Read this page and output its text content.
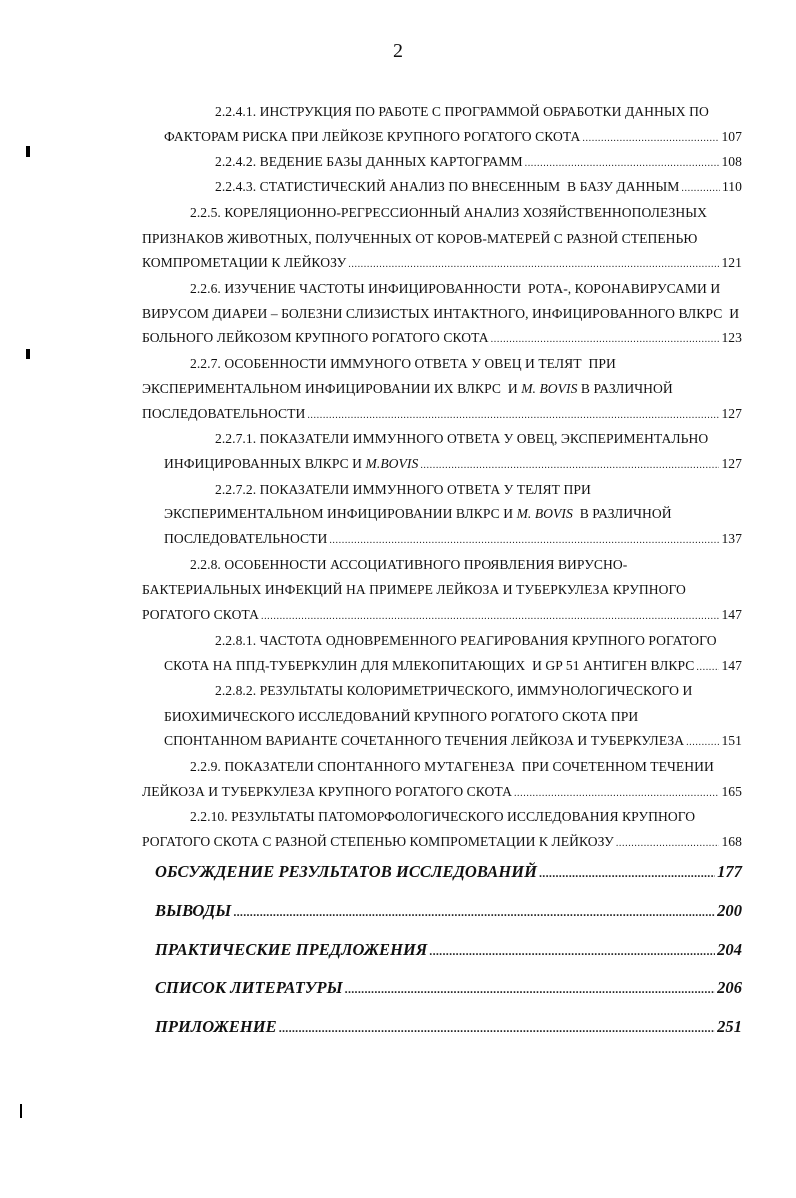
2
2.2.4.1. ИНСТРУКЦИЯ ПО РАБОТЕ С ПРОГРАММОЙ ОБРАБОТКИ ДАННЫХ ПО
ФАКТОРАМ РИСКА ПРИ ЛЕЙКОЗЕ КРУПНОГО РОГАТОГО СКОТА .....	107
2.2.4.2. ВЕДЕНИЕ БАЗЫ ДАННЫХ КАРТОГРАММ .....	108
2.2.4.3. СТАТИСТИЧЕСКИЙ АНАЛИЗ ПО ВНЕСЕННЫМ  В БАЗУ ДАННЫМ .....	110
2.2.5. КОРЕЛЯЦИОННО-РЕГРЕССИОННЫЙ АНАЛИЗ ХОЗЯЙСТВЕННОПОЛЕЗНЫХ
ПРИЗНАКОВ ЖИВОТНЫХ, ПОЛУЧЕННЫХ ОТ КОРОВ-МАТЕРЕЙ С РАЗНОЙ СТЕПЕНЬЮ
КОМПРОМЕТАЦИИ К ЛЕЙКОЗУ .....	121
2.2.6. ИЗУЧЕНИЕ ЧАСТОТЫ ИНФИЦИРОВАННОСТИ  РОТА-, КОРОНАВИРУСАМИ И
ВИРУСОМ ДИАРЕИ – БОЛЕЗНИ СЛИЗИСТЫХ ИНТАКТНОГО, ИНФИЦИРОВАННОГО ВЛКРС  И
БОЛЬНОГО ЛЕЙКОЗОМ КРУПНОГО РОГАТОГО СКОТА .....	123
2.2.7. ОСОБЕННОСТИ ИММУНОГО ОТВЕТА У ОВЕЦ И ТЕЛЯТ  ПРИ
ЭКСПЕРИМЕНТАЛЬНОМ ИНФИЦИРОВАНИИ ИХ ВЛКРС  И M. BOVIS В РАЗЛИЧНОЙ
ПОСЛЕДОВАТЕЛЬНОСТИ .....	127
2.2.7.1. ПОКАЗАТЕЛИ ИММУННОГО ОТВЕТА У ОВЕЦ, ЭКСПЕРИМЕНТАЛЬНО
ИНФИЦИРОВАННЫХ ВЛКРС И M.BOVIS .....	127
2.2.7.2. ПОКАЗАТЕЛИ ИММУННОГО ОТВЕТА У ТЕЛЯТ ПРИ
ЭКСПЕРИМЕНТАЛЬНОМ ИНФИЦИРОВАНИИ ВЛКРС И M. BOVIS В РАЗЛИЧНОЙ
ПОСЛЕДОВАТЕЛЬНОСТИ .....	137
2.2.8. ОСОБЕННОСТИ АССОЦИАТИВНОГО ПРОЯВЛЕНИЯ ВИРУСНО-
БАКТЕРИАЛЬНЫХ ИНФЕКЦИЙ НА ПРИМЕРЕ ЛЕЙКОЗА И ТУБЕРКУЛЕЗА КРУПНОГО
РОГАТОГО СКОТА .....	147
2.2.8.1. ЧАСТОТА ОДНОВРЕМЕННОГО РЕАГИРОВАНИЯ КРУПНОГО РОГАТОГО
СКОТА НА ППД-ТУБЕРКУЛИН ДЛЯ МЛЕКОПИТАЮЩИХ  И GP 51 АНТИГЕН ВЛКРС ..... 147
2.2.8.2. РЕЗУЛЬТАТЫ КОЛОРИМЕТРИЧЕСКОГО, ИММУНОЛОГИЧЕСКОГО И
БИОХИМИЧЕСКОГО ИССЛЕДОВАНИЙ КРУПНОГО РОГАТОГО СКОТА ПРИ
СПОНТАННОМ ВАРИАНТЕ СОЧЕТАННОГО ТЕЧЕНИЯ ЛЕЙКОЗА И ТУБЕРКУЛЕЗА .....	151
2.2.9. ПОКАЗАТЕЛИ СПОНТАННОГО МУТАГЕНЕЗА  ПРИ СОЧЕТЕННОМ ТЕЧЕНИИ
ЛЕЙКОЗА И ТУБЕРКУЛЕЗА КРУПНОГО РОГАТОГО СКОТА .....	165
2.2.10. РЕЗУЛЬТАТЫ ПАТОМОРФОЛОГИЧЕСКОГО ИССЛЕДОВАНИЯ КРУПНОГО
РОГАТОГО СКОТА С РАЗНОЙ СТЕПЕНЬЮ КОМПРОМЕТАЦИИ К ЛЕЙКОЗУ .....	168
ОБСУЖДЕНИЕ РЕЗУЛЬТАТОВ ИССЛЕДОВАНИЙ .....	177
ВЫВОДЫ .....	200
ПРАКТИЧЕСКИЕ ПРЕДЛОЖЕНИЯ .....	204
СПИСОК ЛИТЕРАТУРЫ .....	206
ПРИЛОЖЕНИЕ .....	251
